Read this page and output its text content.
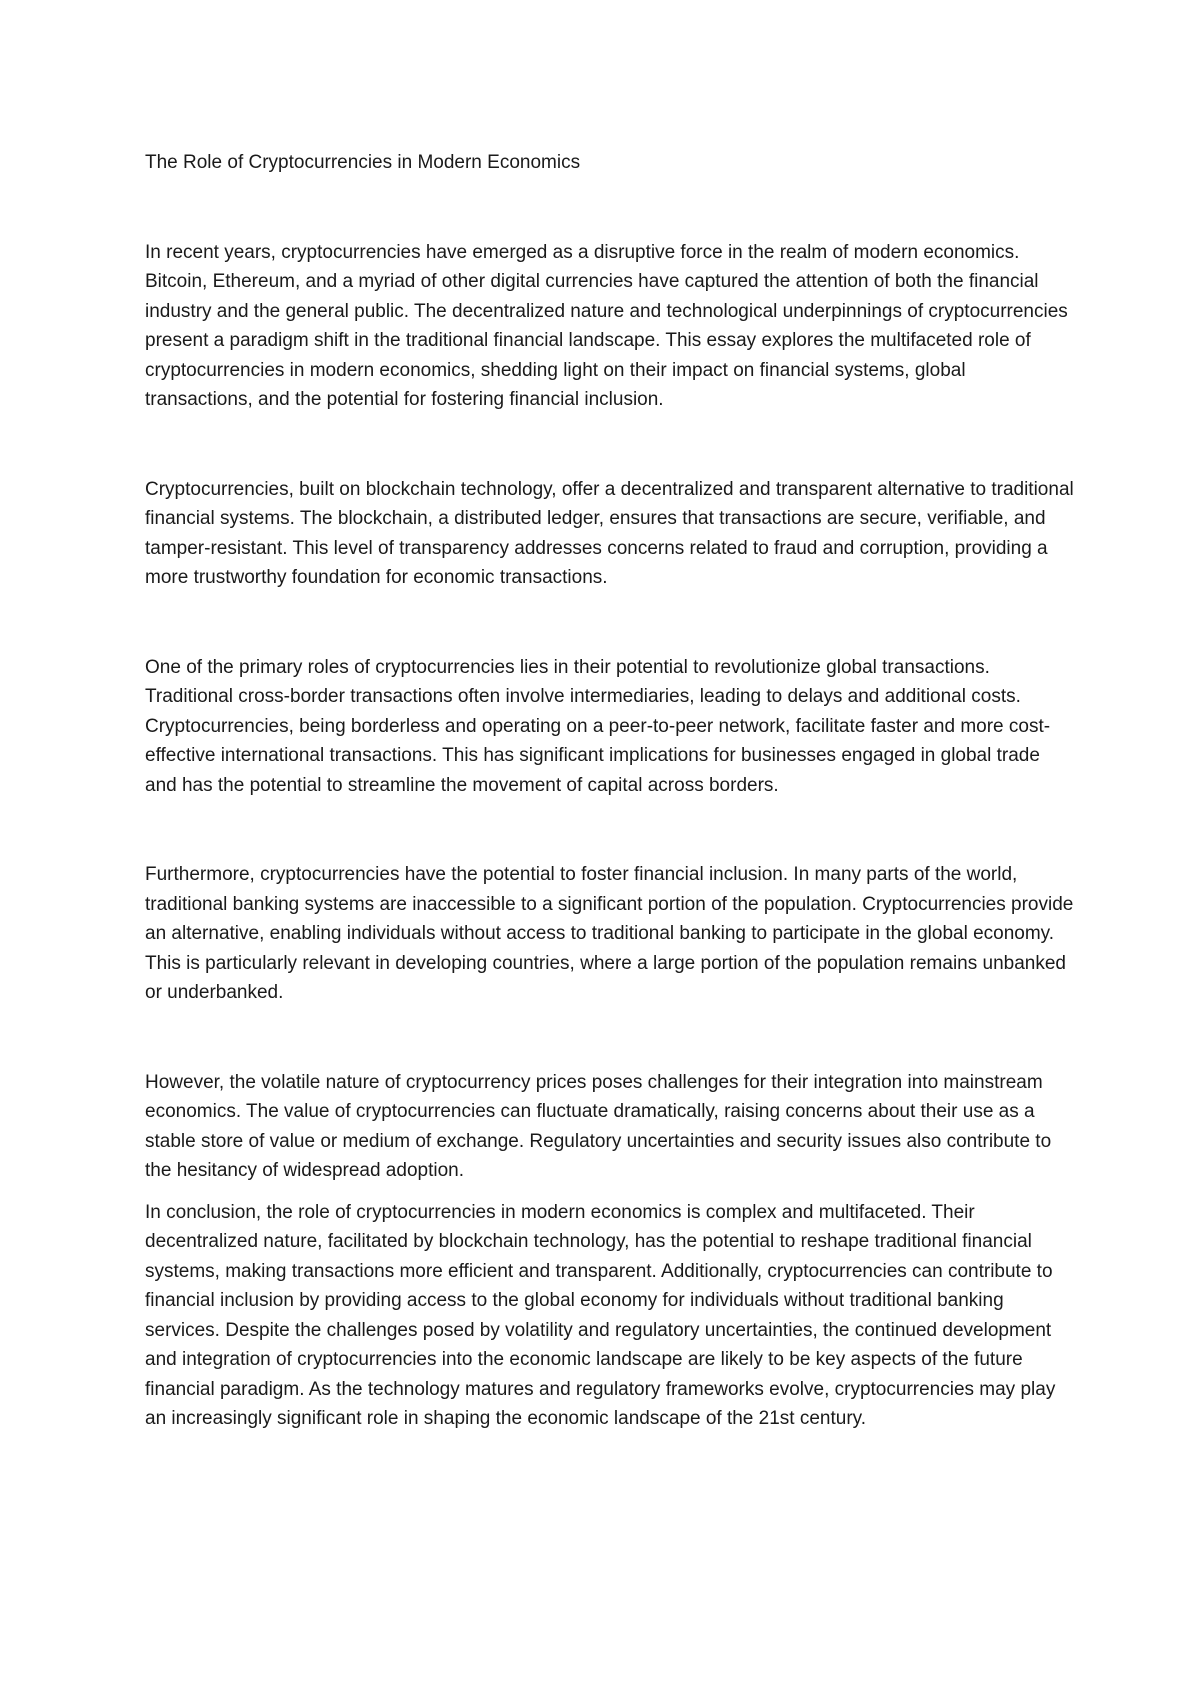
The Role of Cryptocurrencies in Modern Economics

In recent years, cryptocurrencies have emerged as a disruptive force in the realm of modern economics. Bitcoin, Ethereum, and a myriad of other digital currencies have captured the attention of both the financial industry and the general public. The decentralized nature and technological underpinnings of cryptocurrencies present a paradigm shift in the traditional financial landscape. This essay explores the multifaceted role of cryptocurrencies in modern economics, shedding light on their impact on financial systems, global transactions, and the potential for fostering financial inclusion.

Cryptocurrencies, built on blockchain technology, offer a decentralized and transparent alternative to traditional financial systems. The blockchain, a distributed ledger, ensures that transactions are secure, verifiable, and tamper-resistant. This level of transparency addresses concerns related to fraud and corruption, providing a more trustworthy foundation for economic transactions.

One of the primary roles of cryptocurrencies lies in their potential to revolutionize global transactions. Traditional cross-border transactions often involve intermediaries, leading to delays and additional costs. Cryptocurrencies, being borderless and operating on a peer-to-peer network, facilitate faster and more cost-effective international transactions. This has significant implications for businesses engaged in global trade and has the potential to streamline the movement of capital across borders.

Furthermore, cryptocurrencies have the potential to foster financial inclusion. In many parts of the world, traditional banking systems are inaccessible to a significant portion of the population. Cryptocurrencies provide an alternative, enabling individuals without access to traditional banking to participate in the global economy. This is particularly relevant in developing countries, where a large portion of the population remains unbanked or underbanked.

However, the volatile nature of cryptocurrency prices poses challenges for their integration into mainstream economics. The value of cryptocurrencies can fluctuate dramatically, raising concerns about their use as a stable store of value or medium of exchange. Regulatory uncertainties and security issues also contribute to the hesitancy of widespread adoption.

In conclusion, the role of cryptocurrencies in modern economics is complex and multifaceted. Their decentralized nature, facilitated by blockchain technology, has the potential to reshape traditional financial systems, making transactions more efficient and transparent. Additionally, cryptocurrencies can contribute to financial inclusion by providing access to the global economy for individuals without traditional banking services. Despite the challenges posed by volatility and regulatory uncertainties, the continued development and integration of cryptocurrencies into the economic landscape are likely to be key aspects of the future financial paradigm. As the technology matures and regulatory frameworks evolve, cryptocurrencies may play an increasingly significant role in shaping the economic landscape of the 21st century.
